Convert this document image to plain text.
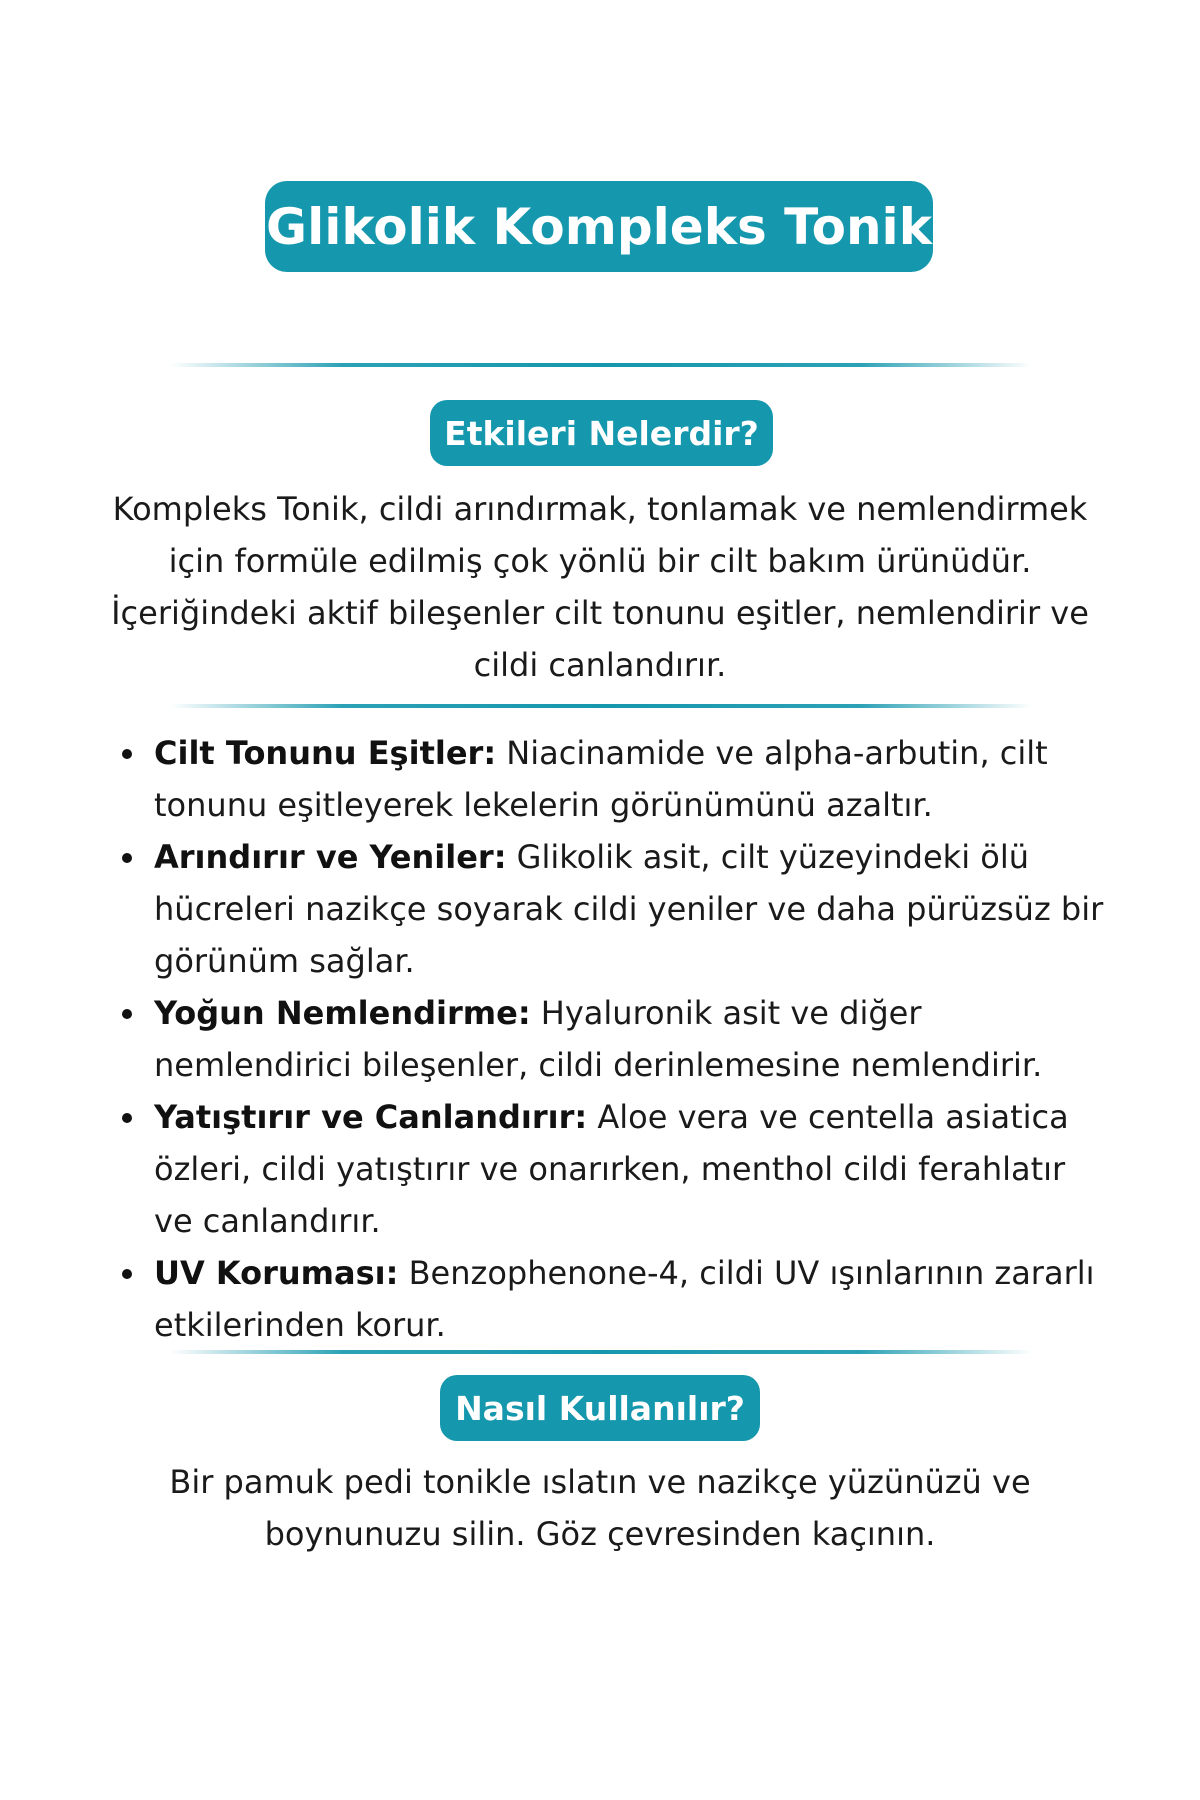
Glikolik Kompleks Tonik
Etkileri Nelerdir?

Kompleks Tonik, cildi arındırmak, tonlamak ve nemlendirmek için formüle edilmiş çok yönlü bir cilt bakım ürünüdür. İçeriğindeki aktif bileşenler cilt tonunu eşitler, nemlendirir ve cildi canlandırır.

Cilt Tonunu Eşitler: Niacinamide ve alpha-arbutin, cilt tonunu eşitleyerek lekelerin görünümünü azaltır.
Arındırır ve Yeniler: Glikolik asit, cilt yüzeyindeki ölü hücreleri nazikçe soyarak cildi yeniler ve daha pürüzsüz bir görünüm sağlar.
Yoğun Nemlendirme: Hyaluronik asit ve diğer nemlendirici bileşenler, cildi derinlemesine nemlendirir.
Yatıştırır ve Canlandırır: Aloe vera ve centella asiatica özleri, cildi yatıştırır ve onarırken, menthol cildi ferahlatır ve canlandırır.
UV Koruması: Benzophenone-4, cildi UV ışınlarının zararlı etkilerinden korur.
Nasıl Kullanılır?

Bir pamuk pedi tonikle ıslatın ve nazikçe yüzünüzü ve boynunuzu silin. Göz çevresinden kaçının.
